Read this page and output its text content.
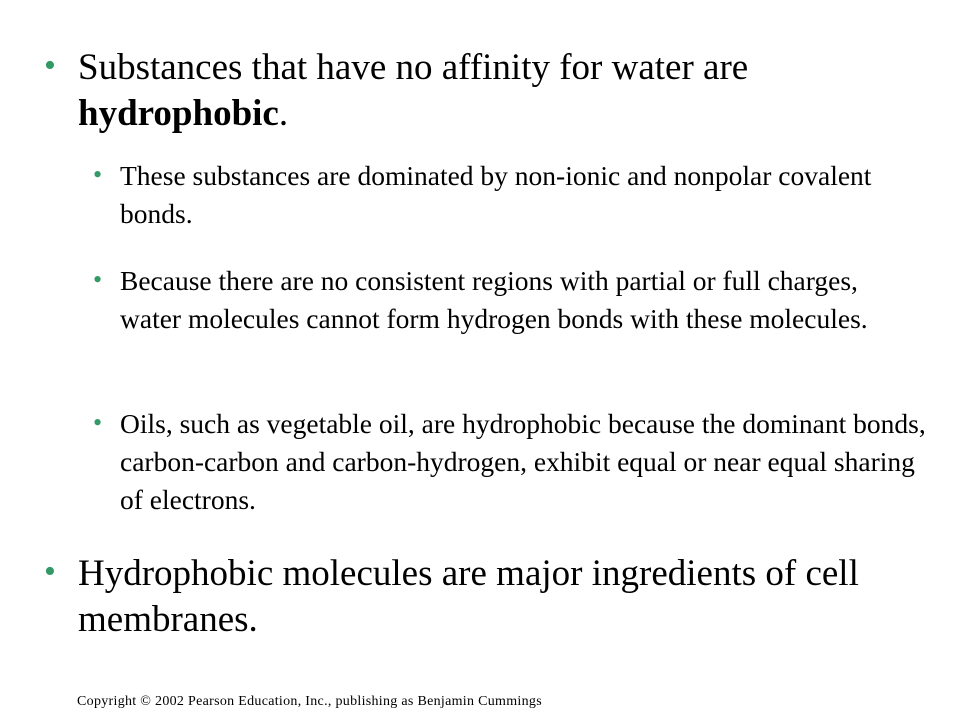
• Substances that have no affinity for water are hydrophobic.
• These substances are dominated by non-ionic and nonpolar covalent bonds.
• Because there are no consistent regions with partial or full charges, water molecules cannot form hydrogen bonds with these molecules.
• Oils, such as vegetable oil, are hydrophobic because the dominant bonds, carbon-carbon and carbon-hydrogen, exhibit equal or near equal sharing of electrons.
• Hydrophobic molecules are major ingredients of cell membranes.
Copyright © 2002 Pearson Education, Inc., publishing as Benjamin Cummings
